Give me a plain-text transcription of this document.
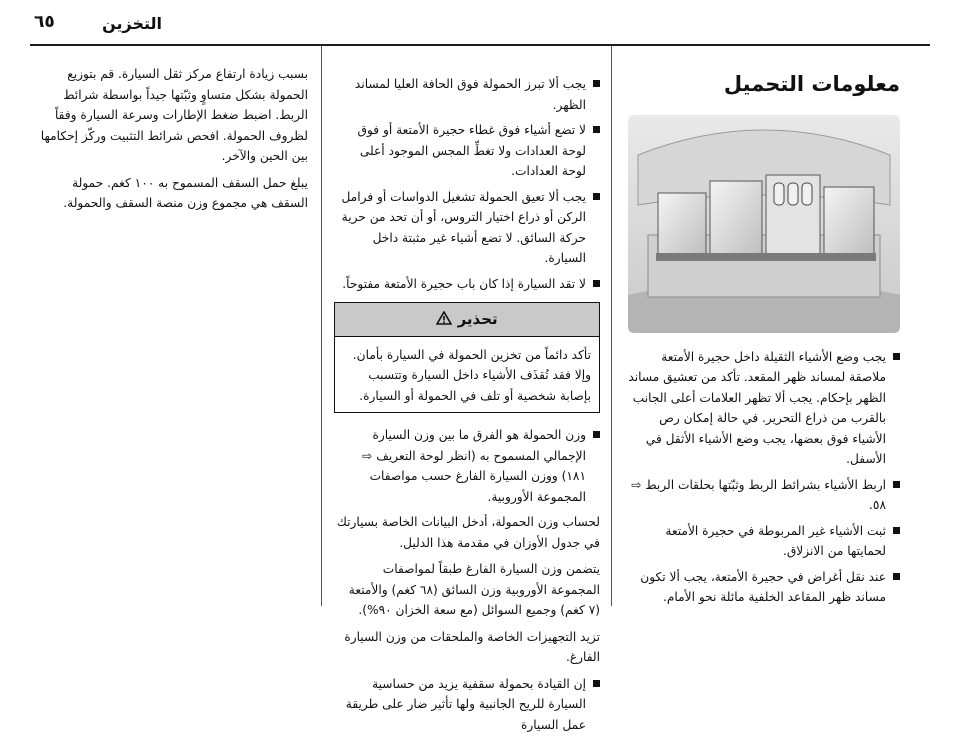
التخزين
٦٥
معلومات التحميل
يجب وضع الأشياء الثقيلة داخل حجيرة الأمتعة ملاصقة لمساند ظهر المقعد. تأكد من تعشيق مساند الظهر بإحكام. يجب ألا تظهر العلامات أعلى الجانب بالقرب من ذراع التحرير. في حالة إمكان رص الأشياء فوق بعضها، يجب وضع الأشياء الأثقل في الأسفل.
اربط الأشياء بشرائط الربط وثبّتها بحلقات الربط ⇨ ٥٨.
ثبت الأشياء غير المربوطة في حجيرة الأمتعة لحمايتها من الانزلاق.
عند نقل أغراض في حجيرة الأمتعة، يجب ألا تكون مساند ظهر المقاعد الخلفية مائلة نحو الأمام.
يجب ألا تبرز الحمولة فوق الحافة العليا لمساند الظهر.
لا تضع أشياء فوق غطاء حجيرة الأمتعة أو فوق لوحة العدادات ولا تغطِّ المجس الموجود أعلى لوحة العدادات.
يجب ألا تعيق الحمولة تشغيل الدواسات أو فرامل الركن أو ذراع اختيار التروس، أو أن تحد من حرية حركة السائق. لا تضع أشياء غير مثبتة داخل السيارة.
لا تقد السيارة إذا كان باب حجيرة الأمتعة مفتوحاً.
تحذير
تأكد دائماً من تخزين الحمولة في السيارة بأمان. وإلا فقد تُقذَف الأشياء داخل السيارة وتتسبب بإصابة شخصية أو تلف في الحمولة أو السيارة.
وزن الحمولة هو الفرق ما بين وزن السيارة الإجمالي المسموح به (انظر لوحة التعريف ⇨ ١٨١) ووزن السيارة الفارغ حسب مواصفات المجموعة الأوروبية.

لحساب وزن الحمولة، أدخل البيانات الخاصة بسيارتك في جدول الأوزان في مقدمة هذا الدليل.

يتضمن وزن السيارة الفارغ طبقاً لمواصفات المجموعة الأوروبية وزن السائق (٦٨ كغم) والأمتعة (٧ كغم) وجميع السوائل (مع سعة الخزان ٩٠%).

تزيد التجهيزات الخاصة والملحقات من وزن السيارة الفارغ.

إن القيادة بحمولة سقفية يزيد من حساسية السيارة للريح الجانبية ولها تأثير ضار على طريقة عمل السيارة

بسبب زيادة ارتفاع مركز ثقل السيارة. قم بتوزيع الحمولة بشكل متساوٍ وثبّتها جيداً بواسطة شرائط الربط. اضبط ضغط الإطارات وسرعة السيارة وفقاً لظروف الحمولة. افحص شرائط التثبيت وركّز إحكامها بين الحين والآخر.

يبلغ حمل السقف المسموح به ١٠٠ كغم. حمولة السقف هي مجموع وزن منصة السقف والحمولة.
